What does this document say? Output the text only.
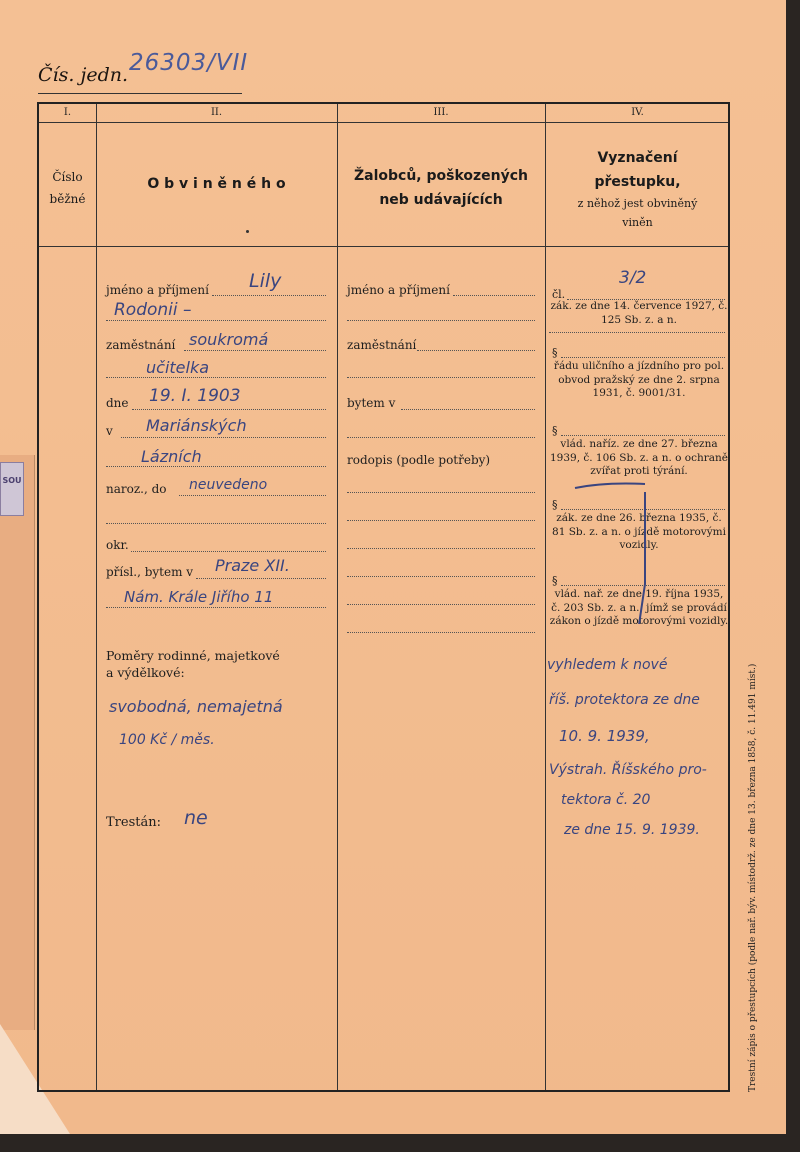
SOU
Čís. jedn. 26303/VII
I.	II.	III.	IV.
Číslo
běžné
O b v i n ě n é h o	Žalobců, poškozených
neb udávajících
Vyznačení
přestupku,
z něhož jest obviněný
viněn
jméno a příjmení Lily
Rodonii –
zaměstnání soukromá
učitelka
dne 19. I. 1903
v Mariánských
Lázních
naroz., do neuvedeno
okr.
přísl., bytem v Praze XII.
Nám. Krále Jiřího 11
Poměry rodinné, majetkové
a výdělkové:
svobodná, nemajetná
100 Kč / měs.
Trestán: ne
jméno a příjmení
zaměstnání
bytem v
rodopis (podle potřeby)
čl.
3/2
zák. ze dne 14. července 1927, č. 125 Sb. z. a n.
§
řádu uličního a jízdního pro pol. obvod pražský ze dne 2. srpna 1931, č. 9001/31.
§
vlád. naříz. ze dne 27. března 1939, č. 106 Sb. z. a n. o ochraně zvířat proti týrání.
§
zák. ze dne 26. března 1935, č. 81 Sb. z. a n. o jízdě motorovými vozidly.
§
vlád. nař. ze dne 19. října 1935, č. 203 Sb. z. a n., jímž se provádí zákon o jízdě motorovými vozidly.
vyhledem k nové
říš. protektora ze dne
10. 9. 1939,
Výstrah. Říšského pro-
tektora č. 20
ze dne 15. 9. 1939.	Trestní zápis o přestupcích (podle nař. býv. místodrž. ze dne 13. března 1858, č. 11.491 míst.)
